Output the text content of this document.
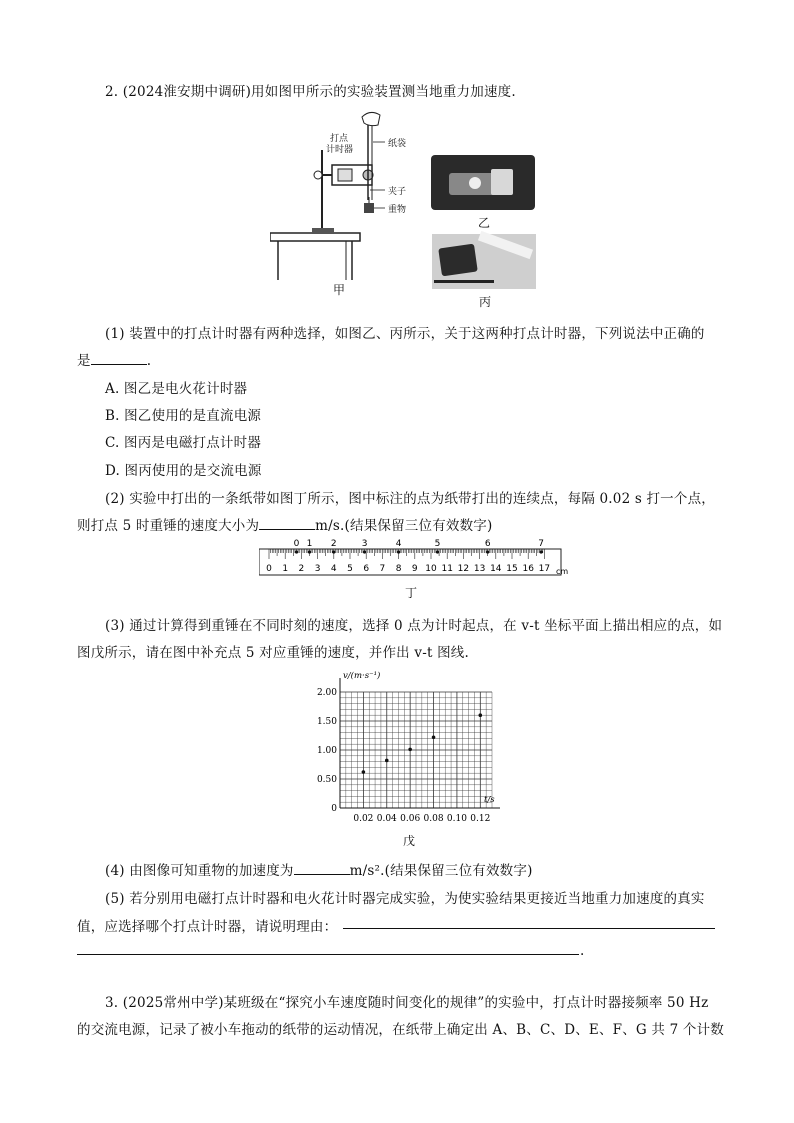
2. (2024淮安期中调研)用如图甲所示的实验装置测当地重力加速度.
打点
计时器
纸袋
夹子
重物
甲
乙
丙
(1) 装置中的打点计时器有两种选择，如图乙、丙所示，关于这两种打点计时器，下列说法中正确的
是	.
A. 图乙是电火花计时器
B. 图乙使用的是直流电源
C. 图丙是电磁打点计时器
D. 图丙使用的是交流电源
(2) 实验中打出的一条纸带如图丁所示，图中标注的点为纸带打出的连续点，每隔 0.02 s 打一个点，
则打点 5 时重锤的速度大小为	m/s.(结果保留三位有效数字)
0 1 2 3 4 5 6 7 8 9 10 11 12 13 14 15 16 17 cm
0 1 2	3	4	5	6	7
丁
(3) 通过计算得到重锤在不同时刻的速度，选择 0 点为计时起点，在 v-t 坐标平面上描出相应的点，如
图戊所示，请在图中补充点 5 对应重锤的速度，并作出 v-t 图线.
0
0.50
1.00
1.50
2.00
0.02 0.04 0.06 0.08 0.10 0.12
v/(m·s⁻¹)
t/s
戊
(4) 由图像可知重物的加速度为	m/s².(结果保留三位有效数字)
(5) 若分别用电磁打点计时器和电火花计时器完成实验，为使实验结果更接近当地重力加速度的真实
值，应选择哪个打点计时器，请说明理由：
.
3. (2025常州中学)某班级在“探究小车速度随时间变化的规律”的实验中，打点计时器接频率 50 Hz
的交流电源，记录了被小车拖动的纸带的运动情况，在纸带上确定出 A、B、C、D、E、F、G 共 7 个计数
